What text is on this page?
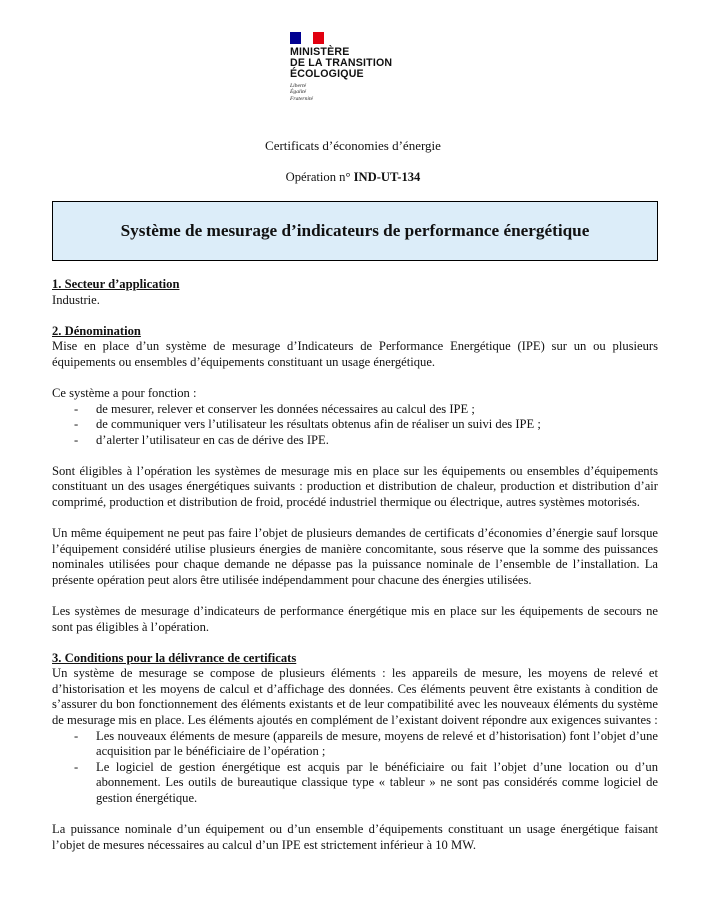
MINISTÈRE
DE LA TRANSITION
ÉCOLOGIQUE
Liberté
Égalité
Fraternité
Certificats d’économies d’énergie
Opération n° IND-UT-134
Système de mesurage d’indicateurs de performance énergétique

1. Secteur d’application

Industrie.

2. Dénomination

Mise en place d’un système de mesurage d’Indicateurs de Performance Energétique (IPE) sur un ou plusieurs équipements ou ensembles d’équipements constituant un usage énergétique.

Ce système a pour fonction :

- de mesurer, relever et conserver les données nécessaires au calcul des IPE ;
- de communiquer vers l’utilisateur les résultats obtenus afin de réaliser un suivi des IPE ;
- d’alerter l’utilisateur en cas de dérive des IPE.

Sont éligibles à l’opération les systèmes de mesurage mis en place sur les équipements ou ensembles d’équipements constituant un des usages énergétiques suivants : production et distribution de chaleur, production et distribution d’air comprimé, production et distribution de froid, procédé industriel thermique ou électrique, autres systèmes motorisés.

Un même équipement ne peut pas faire l’objet de plusieurs demandes de certificats d’économies d’énergie sauf lorsque l’équipement considéré utilise plusieurs énergies de manière concomitante, sous réserve que la somme des puissances nominales utilisées pour chaque demande ne dépasse pas la puissance nominale de l’ensemble de l’installation. La présente opération peut alors être utilisée indépendamment pour chacune des énergies utilisées.

Les systèmes de mesurage d’indicateurs de performance énergétique mis en place sur les équipements de secours ne sont pas éligibles à l’opération.

3. Conditions pour la délivrance de certificats

Un système de mesurage se compose de plusieurs éléments : les appareils de mesure, les moyens de relevé et d’historisation et les moyens de calcul et d’affichage des données. Ces éléments peuvent être existants à condition de s’assurer du bon fonctionnement des éléments existants et de leur compatibilité avec les nouveaux éléments du système de mesurage mis en place. Les éléments ajoutés en complément de l’existant doivent répondre aux exigences suivantes :

- Les nouveaux éléments de mesure (appareils de mesure, moyens de relevé et d’historisation) font l’objet d’une acquisition par le bénéficiaire de l’opération ;
- Le logiciel de gestion énergétique est acquis par le bénéficiaire ou fait l’objet d’une location ou d’un abonnement. Les outils de bureautique classique type « tableur » ne sont pas considérés comme logiciel de gestion énergétique.

La puissance nominale d’un équipement ou d’un ensemble d’équipements constituant un usage énergétique faisant l’objet de mesures nécessaires au calcul d’un IPE est strictement inférieur à 10 MW.
